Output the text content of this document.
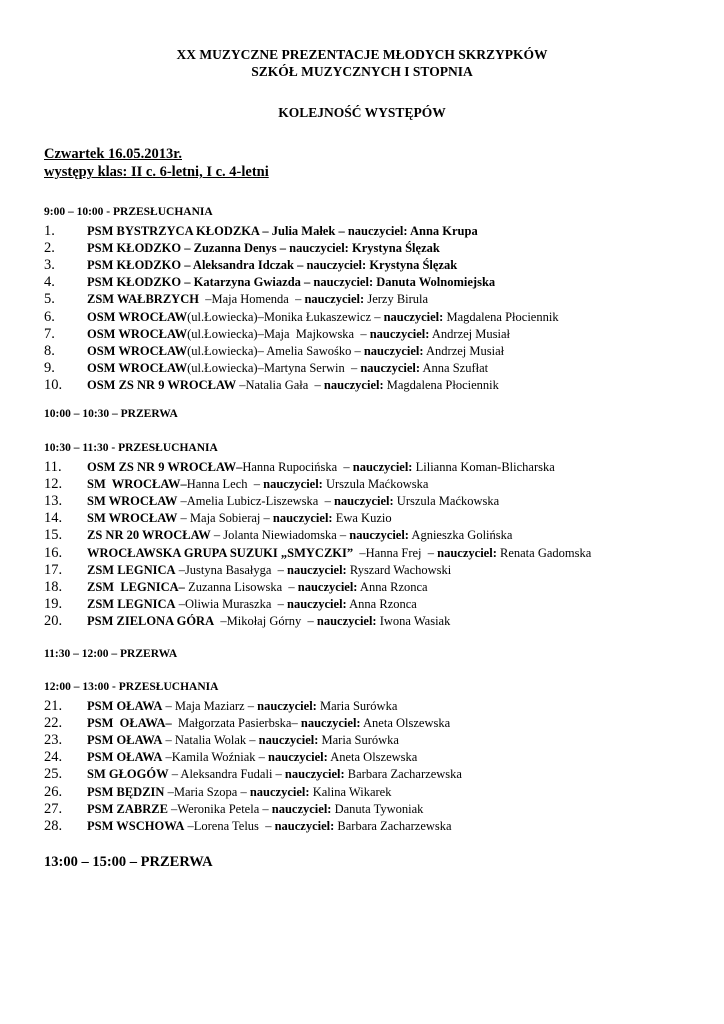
XX MUZYCZNE PREZENTACJE MŁODYCH SKRZYPKÓW

SZKÓŁ MUZYCZNYCH I STOPNIA

KOLEJNOŚĆ WYSTĘPÓW

Czwartek 16.05.2013r.
występy klas: II c. 6-letni, I c. 4-letni
9:00 – 10:00 - PRZESŁUCHANIA
1.	PSM BYSTRZYCA KŁODZKA – Julia Małek – nauczyciel: Anna Krupa
2.	PSM KŁODZKO – Zuzanna Denys – nauczyciel: Krystyna Ślęzak
3.	PSM KŁODZKO – Aleksandra Idczak – nauczyciel: Krystyna Ślęzak
4.	PSM KŁODZKO – Katarzyna Gwiazda – nauczyciel: Danuta Wolnomiejska
5.	ZSM WAŁBRZYCH  –Maja Homenda  – nauczyciel: Jerzy Birula
6.	OSM WROCŁAW(ul.Łowiecka)–Monika Łukaszewicz – nauczyciel: Magdalena Płociennik
7.	OSM WROCŁAW(ul.Łowiecka)–Maja  Majkowska  – nauczyciel: Andrzej Musiał
8.	OSM WROCŁAW(ul.Łowiecka)– Amelia Sawośko – nauczyciel: Andrzej Musiał
9.	OSM WROCŁAW(ul.Łowiecka)–Martyna Serwin  – nauczyciel: Anna Szufłat
10.	OSM ZS NR 9 WROCŁAW –Natalia Gała  – nauczyciel: Magdalena Płociennik
10:00 – 10:30 – PRZERWA
10:30 – 11:30 - PRZESŁUCHANIA
11.	OSM ZS NR 9 WROCŁAW–Hanna Rupocińska  – nauczyciel: Lilianna Koman-Blicharska
12.	SM  WROCŁAW–Hanna Lech  – nauczyciel: Urszula Maćkowska
13.	SM WROCŁAW –Amelia Lubicz-Liszewska  – nauczyciel: Urszula Maćkowska
14.	SM WROCŁAW – Maja Sobieraj – nauczyciel: Ewa Kuzio
15.	ZS NR 20 WROCŁAW – Jolanta Niewiadomska – nauczyciel: Agnieszka Golińska
16.	WROCŁAWSKA GRUPA SUZUKI „SMYCZKI”  –Hanna Frej  – nauczyciel: Renata Gadomska
17.	ZSM LEGNICA –Justyna Basałyga  – nauczyciel: Ryszard Wachowski
18.	ZSM  LEGNICA– Zuzanna Lisowska  – nauczyciel: Anna Rzonca
19.	ZSM LEGNICA –Oliwia Muraszka  – nauczyciel: Anna Rzonca
20.	PSM ZIELONA GÓRA  –Mikołaj Górny  – nauczyciel: Iwona Wasiak
11:30 – 12:00 – PRZERWA
12:00 – 13:00 - PRZESŁUCHANIA
21.	PSM OŁAWA – Maja Maziarz – nauczyciel: Maria Surówka
22.	PSM  OŁAWA– Małgorzata Pasierbska– nauczyciel: Aneta Olszewska
23.	PSM OŁAWA – Natalia Wolak – nauczyciel: Maria Surówka
24.	PSM OŁAWA –Kamila Woźniak – nauczyciel: Aneta Olszewska
25.	SM GŁOGÓW – Aleksandra Fudali – nauczyciel: Barbara Zacharzewska
26.	PSM BĘDZIN –Maria Szopa – nauczyciel: Kalina Wikarek
27.	PSM ZABRZE –Weronika Petela – nauczyciel: Danuta Tywoniak
28.	PSM WSCHOWA –Lorena Telus  – nauczyciel: Barbara Zacharzewska
13:00 – 15:00 – PRZERWA
